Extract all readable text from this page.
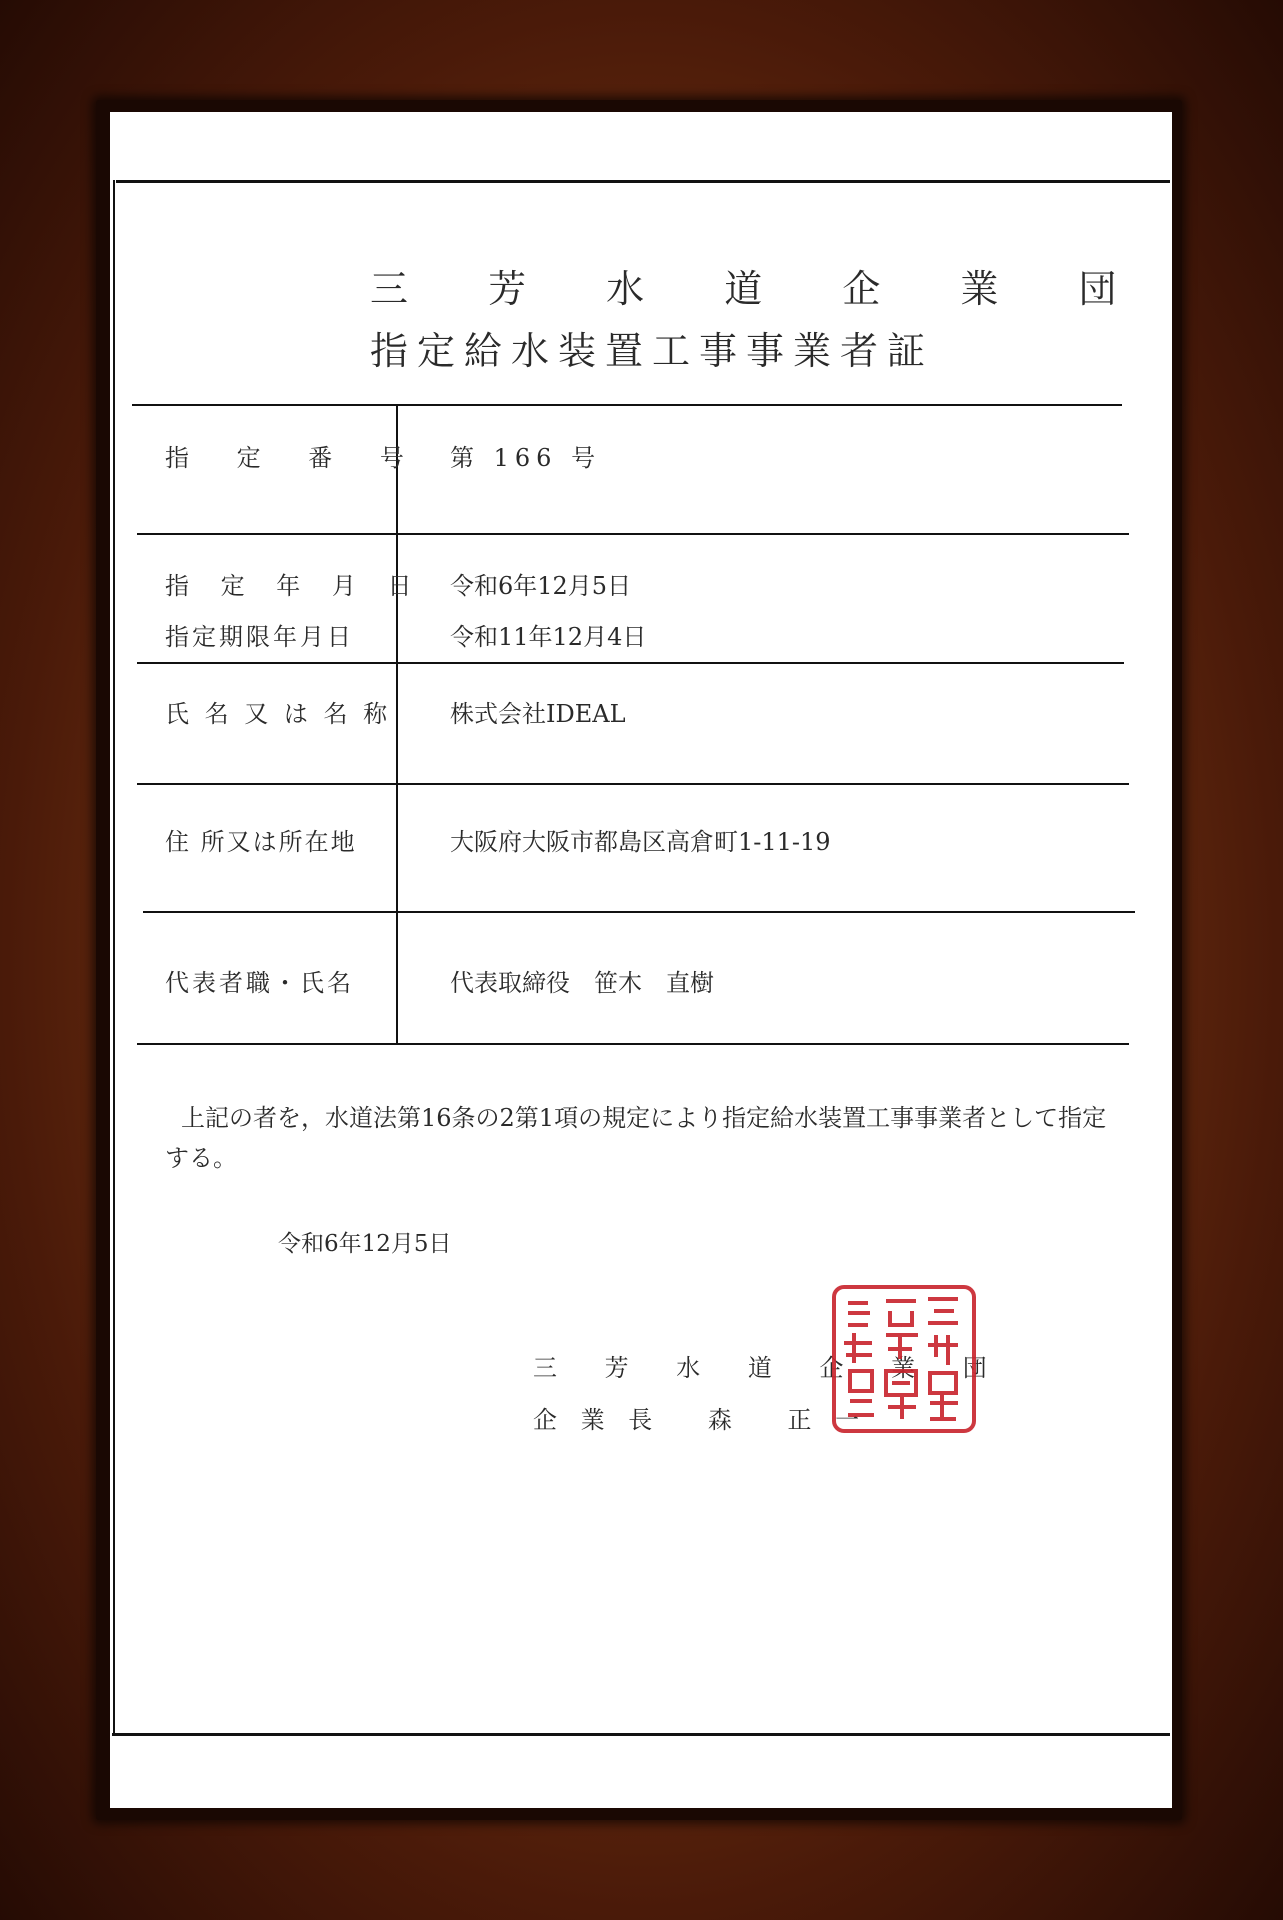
三 芳 水 道 企 業 団
指定給水装置工事事業者証
指 定 番 号 第 166 号
指 定 年 月 日 令和6年12月5日
指定期限年月日	令和11年12月4日
氏 名 又 は 名 称 株式会社IDEAL
住 所又は所在地	大阪府大阪市都島区高倉町1-11-19
代表者職・氏名	代表取締役　笹木　直樹
上記の者を，水道法第16条の2第1項の規定により指定給水装置工事事業者として指定する。
令和6年12月5日
三 芳 水 道 企 業 団
企 業 長　 森　 正 一
